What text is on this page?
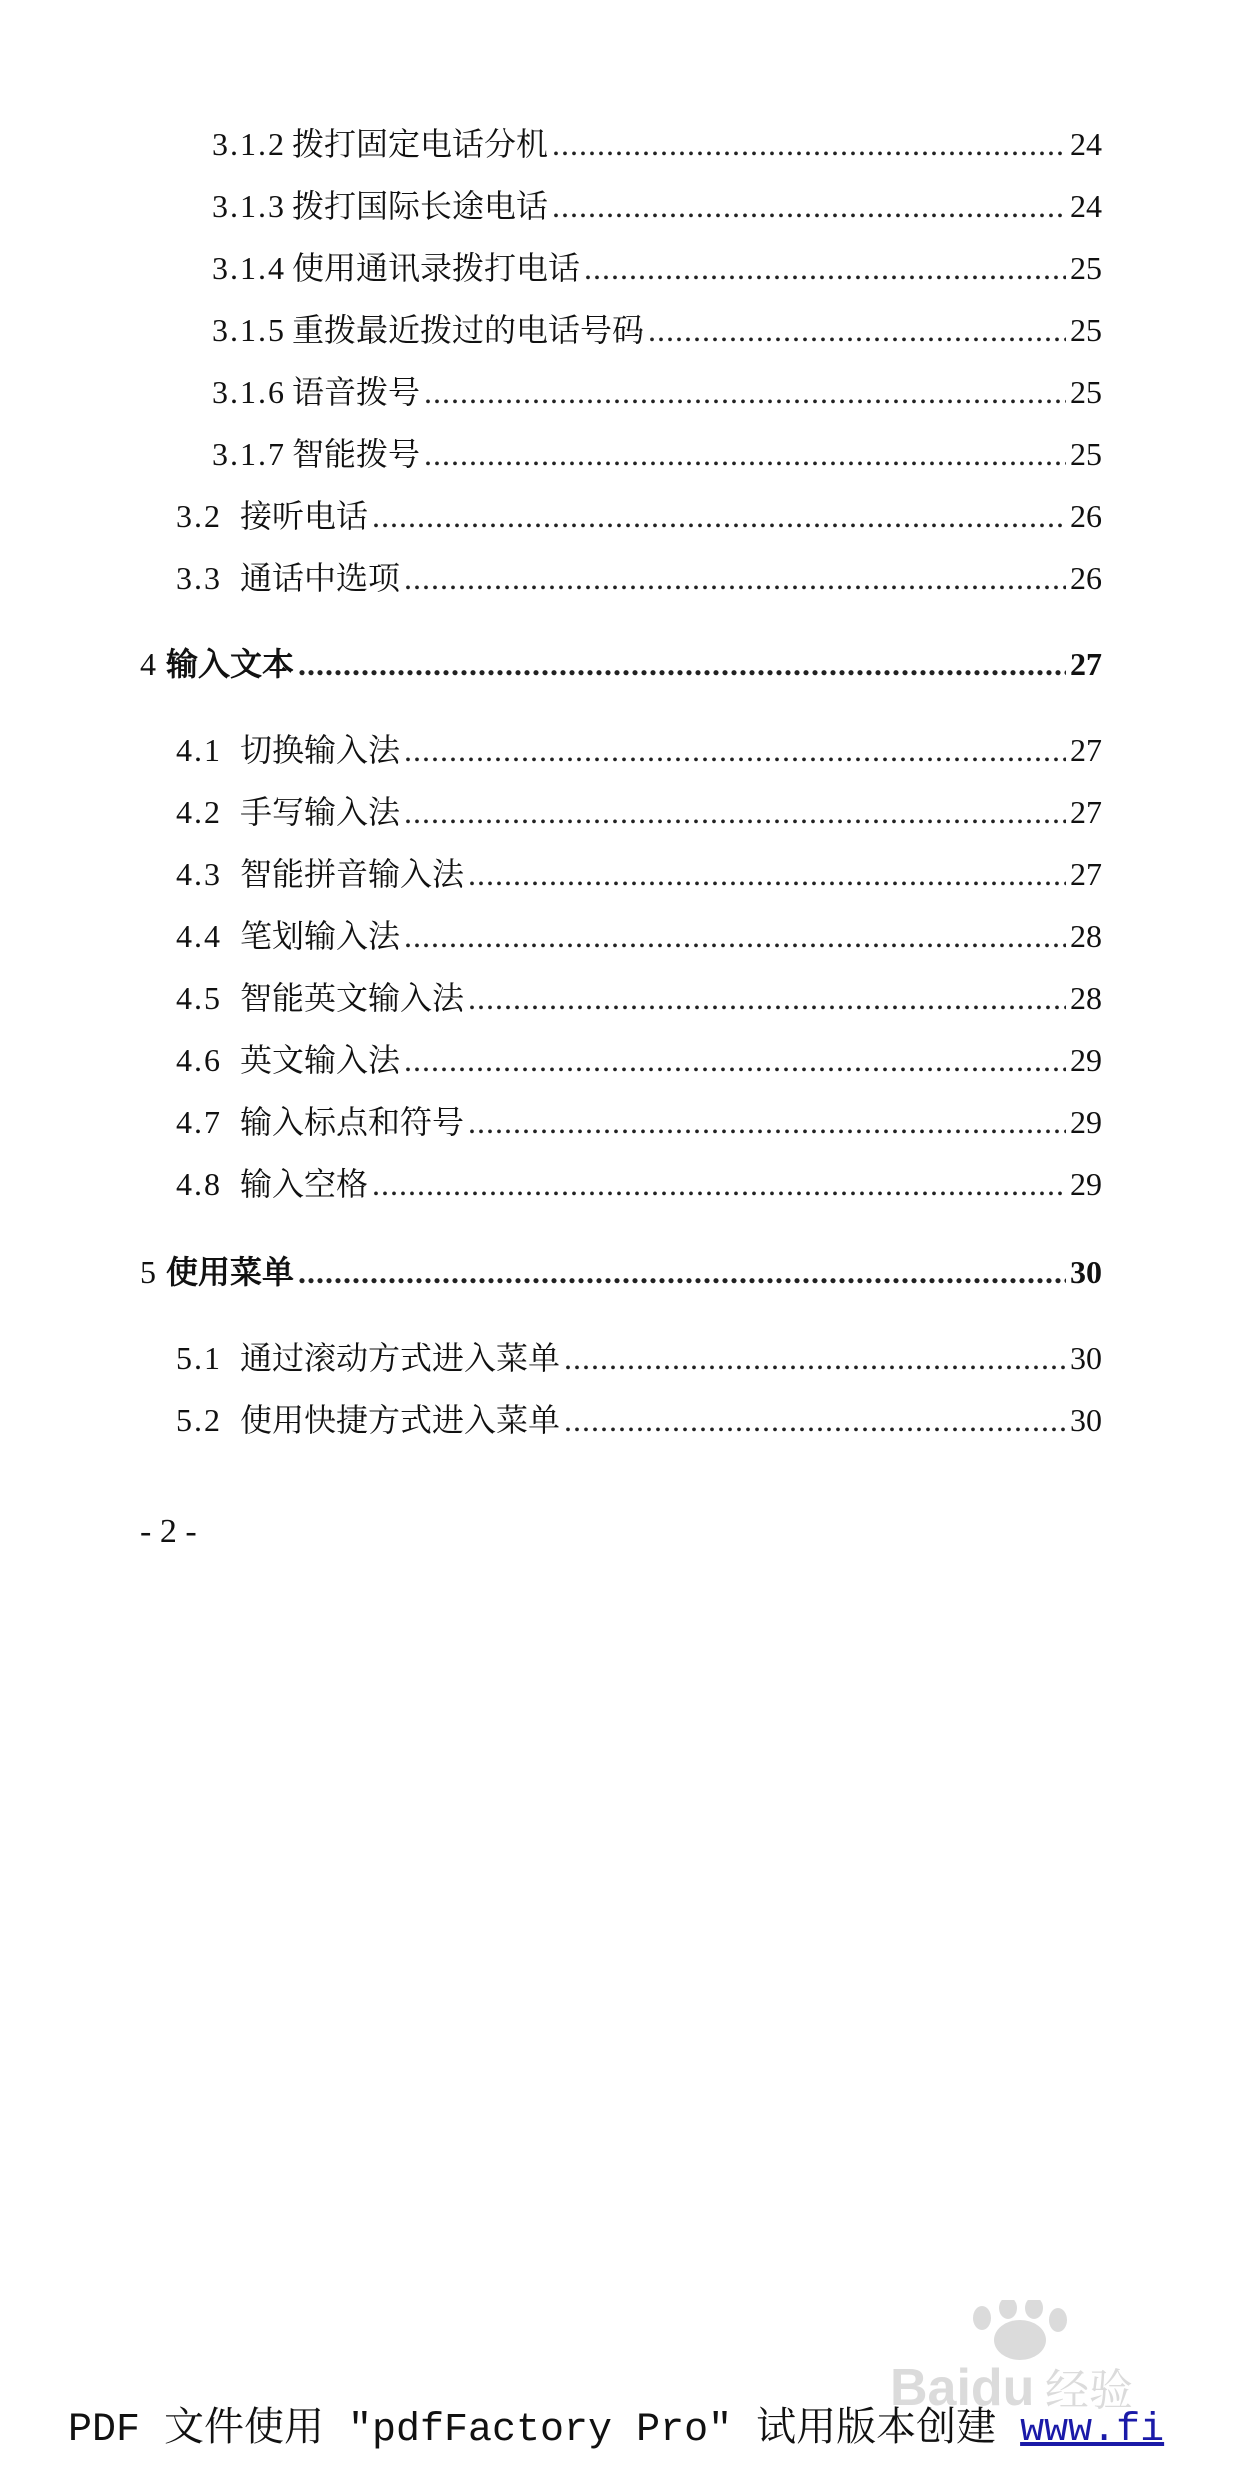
3.1.2 拨打固定电话分机 .....	24
3.1.3 拨打国际长途电话 .....	24
3.1.4 使用通讯录拨打电话 .....	25
3.1.5 重拨最近拨过的电话号码 .....	25
3.1.6 语音拨号 .....	25
3.1.7 智能拨号 .....	25
3.2 接听电话 .....	26
3.3 通话中选项 .....	26
4 输入文本 .....	27
4.1 切换输入法 .....	27
4.2 手写输入法 .....	27
4.3 智能拼音输入法 .....	27
4.4 笔划输入法 .....	28
4.5 智能英文输入法 .....	28
4.6 英文输入法 .....	29
4.7 输入标点和符号 .....	29
4.8 输入空格 .....	29
5 使用菜单 .....	30
5.1 通过滚动方式进入菜单 .....	30
5.2 使用快捷方式进入菜单 .....	30
- 2 -
Baidu 经验
PDF 文件使用 "pdfFactory Pro" 试用版本创建 www.fi
